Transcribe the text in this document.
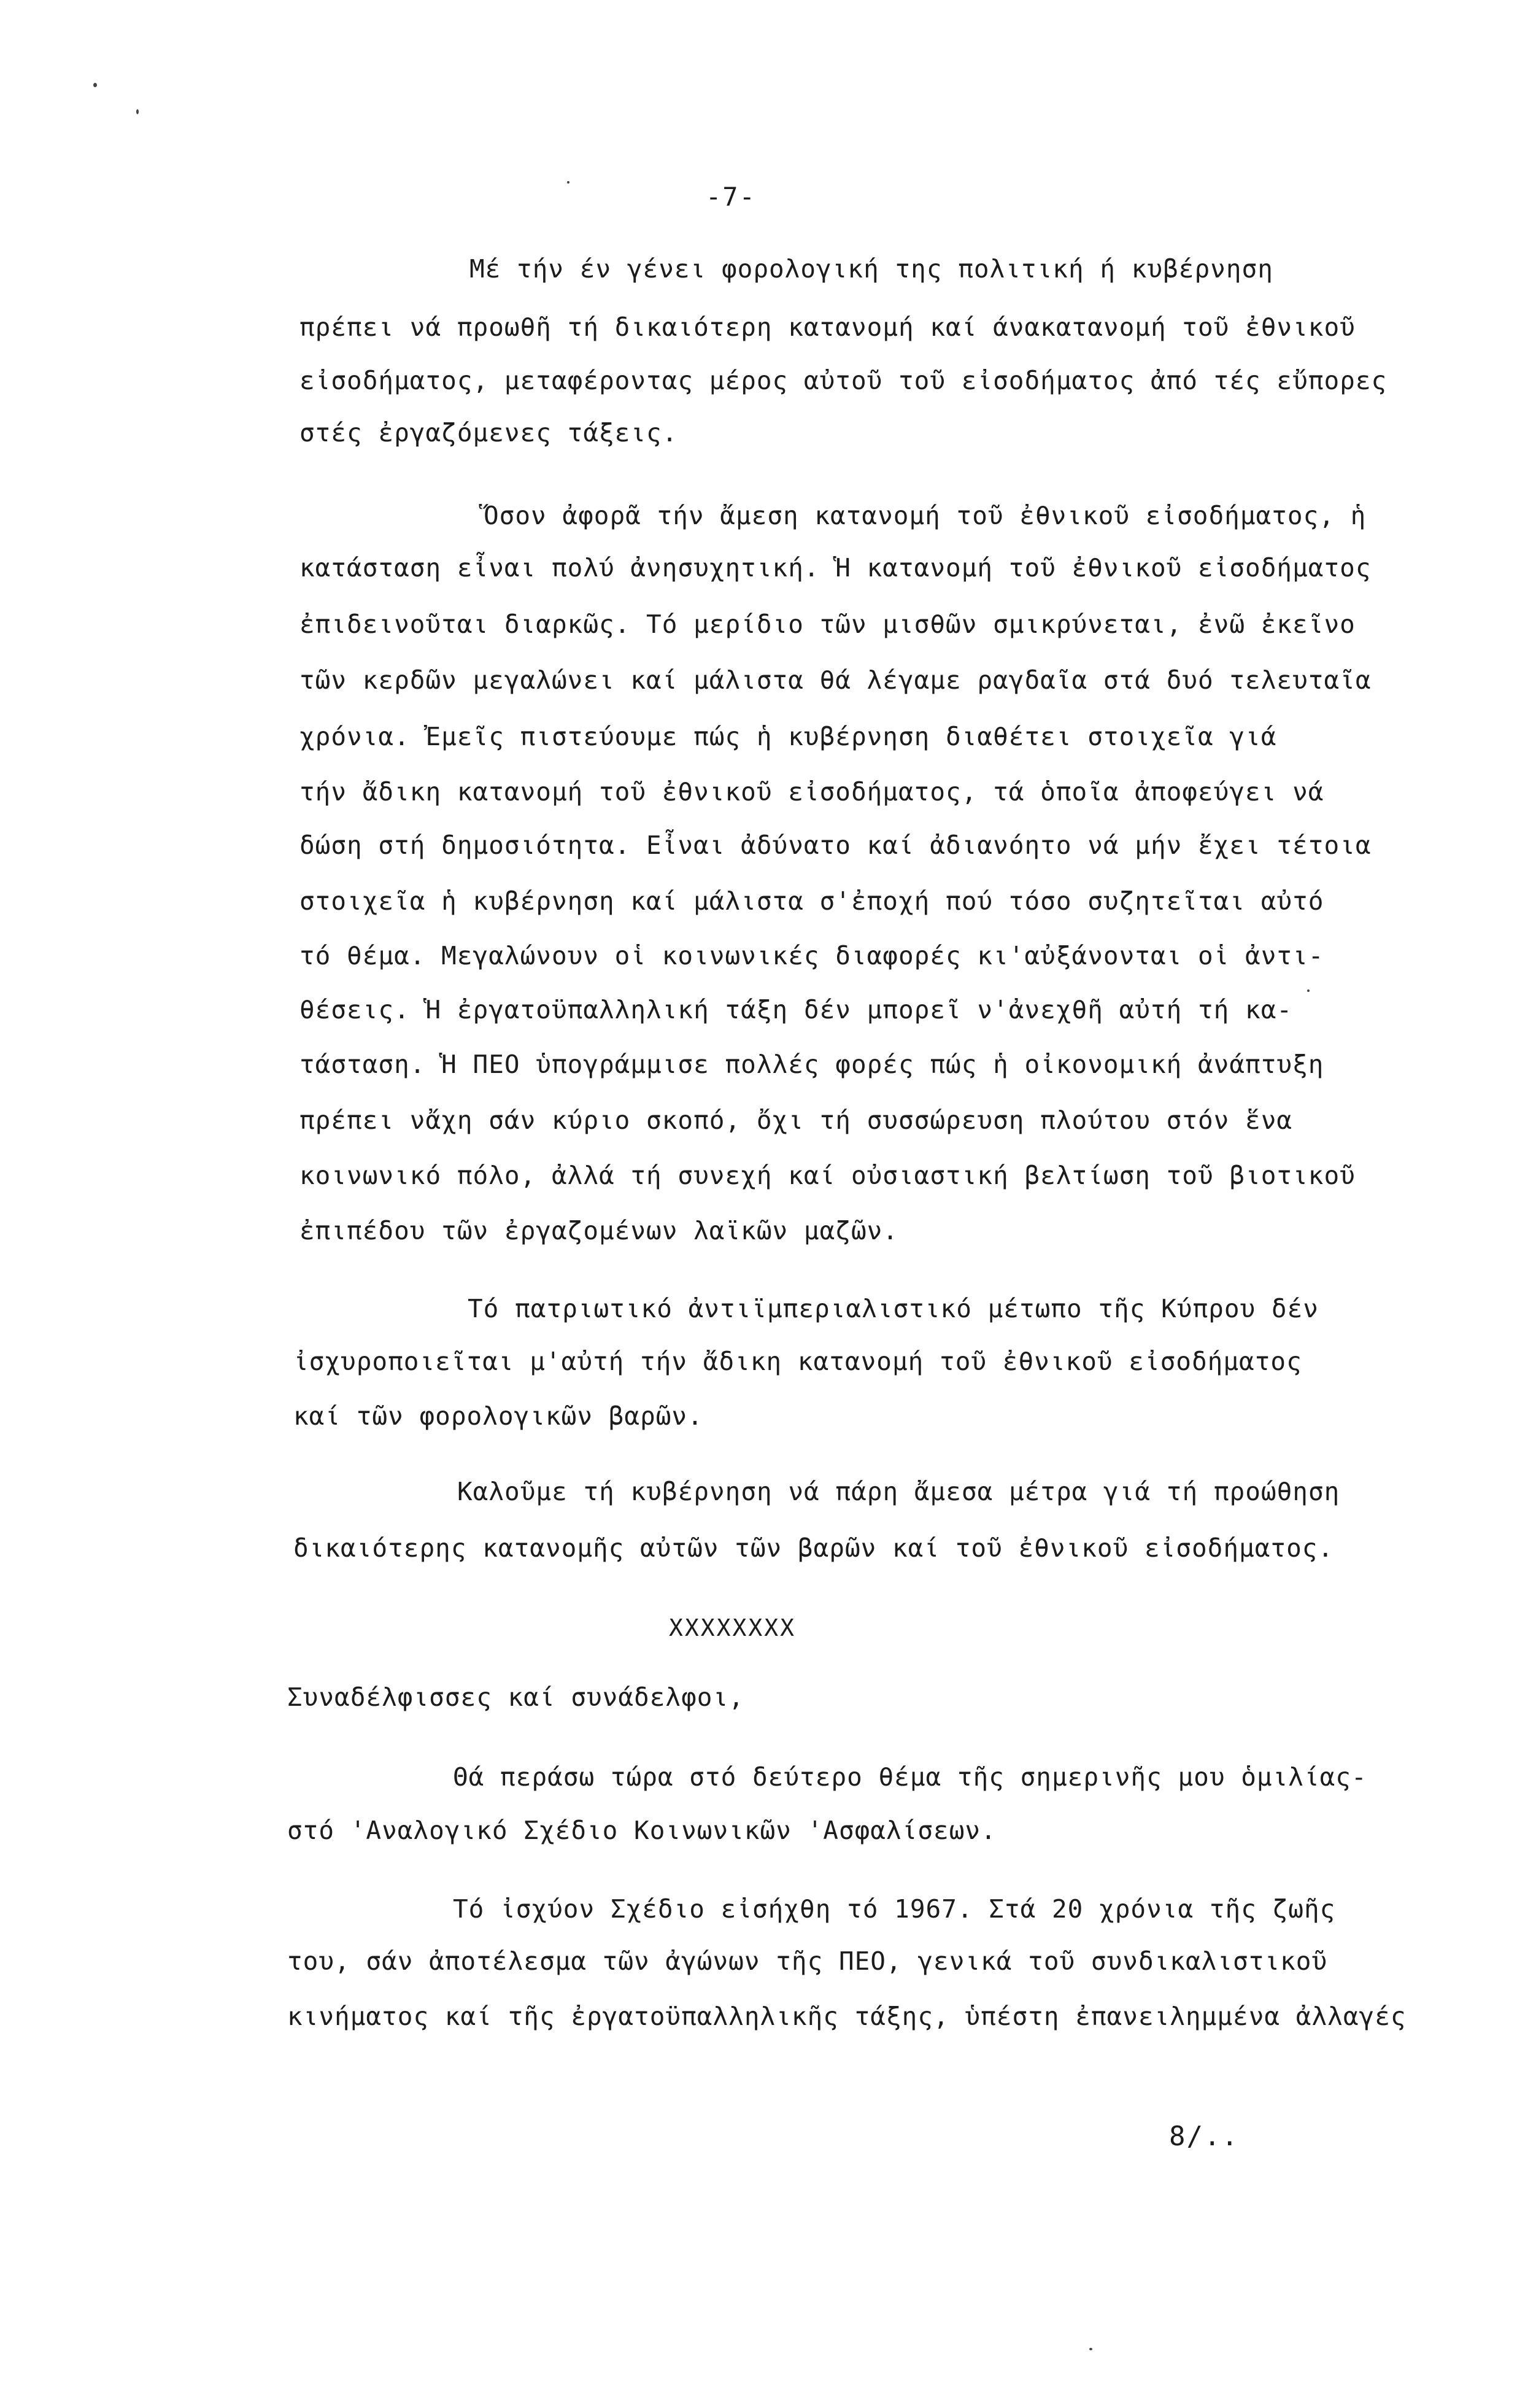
-7-
Μέ τήν έν γένει φορολογική της πολιτική ή κυβέρνηση
πρέπει νά προωθῆ τή δικαιότερη κατανομή καί άνακατανομή τοῦ ἐθνικοῦ
εἰσοδήματος, μεταφέροντας μέρος αὐτοῦ τοῦ εἰσοδήματος ἀπό τές εὔπορες
στές ἐργαζόμενες τάξεις.
Ὅσον ἀφορᾶ τήν ἄμεση κατανομή τοῦ ἐθνικοῦ εἰσοδήματος, ἡ
κατάσταση εἶναι πολύ ἀνησυχητική. Ἡ κατανομή τοῦ ἐθνικοῦ εἰσοδήματος
ἐπιδεινοῦται διαρκῶς. Τό μερίδιο τῶν μισθῶν σμικρύνεται, ἐνῶ ἐκεῖνο
τῶν κερδῶν μεγαλώνει καί μάλιστα θά λέγαμε ραγδαῖα στά δυό τελευταῖα
χρόνια. Ἐμεῖς πιστεύουμε πώς ἡ κυβέρνηση διαθέτει στοιχεῖα γιά
τήν ἄδικη κατανομή τοῦ ἐθνικοῦ εἰσοδήματος, τά ὁποῖα ἀποφεύγει νά
δώση στή δημοσιότητα. Εἶναι ἀδύνατο καί ἀδιανόητο νά μήν ἔχει τέτοια
στοιχεῖα ἡ κυβέρνηση καί μάλιστα σ'ἐποχή πού τόσο συζητεῖται αὐτό
τό θέμα. Μεγαλώνουν οἱ κοινωνικές διαφορές κι'αὐξάνονται οἱ ἀντι-
θέσεις. Ἡ ἐργατοϋπαλληλική τάξη δέν μπορεῖ ν'ἀνεχθῆ αὐτή τή κα-
τάσταση. Ἡ ΠΕΟ ὑπογράμμισε πολλές φορές πώς ἡ οἰκονομική ἀνάπτυξη
πρέπει νἄχη σάν κύριο σκοπό, ὄχι τή συσσώρευση πλούτου στόν ἕνα
κοινωνικό πόλο, ἀλλά τή συνεχή καί οὐσιαστική βελτίωση τοῦ βιοτικοῦ
ἐπιπέδου τῶν ἐργαζομένων λαϊκῶν μαζῶν.
Τό πατριωτικό ἀντιϊμπεριαλιστικό μέτωπο τῆς Κύπρου δέν
ἰσχυροποιεῖται μ'αὐτή τήν ἄδικη κατανομή τοῦ ἐθνικοῦ εἰσοδήματος
καί τῶν φορολογικῶν βαρῶν.
Καλοῦμε τή κυβέρνηση νά πάρη ἄμεσα μέτρα γιά τή προώθηση
δικαιότερης κατανομῆς αὐτῶν τῶν βαρῶν καί τοῦ ἐθνικοῦ εἰσοδήματος.
XXXXXXXX
Συναδέλφισσες καί συνάδελφοι,
Θά περάσω τώρα στό δεύτερο θέμα τῆς σημερινῆς μου ὁμιλίας-
στό 'Αναλογικό Σχέδιο Κοινωνικῶν 'Ασφαλίσεων.
Τό ἰσχύον Σχέδιο εἰσήχθη τό 1967. Στά 20 χρόνια τῆς ζωῆς
του, σάν ἀποτέλεσμα τῶν ἀγώνων τῆς ΠΕΟ, γενικά τοῦ συνδικαλιστικοῦ
κινήματος καί τῆς ἐργατοϋπαλληλικῆς τάξης, ὑπέστη ἐπανειλημμένα ἀλλαγές
8/..
